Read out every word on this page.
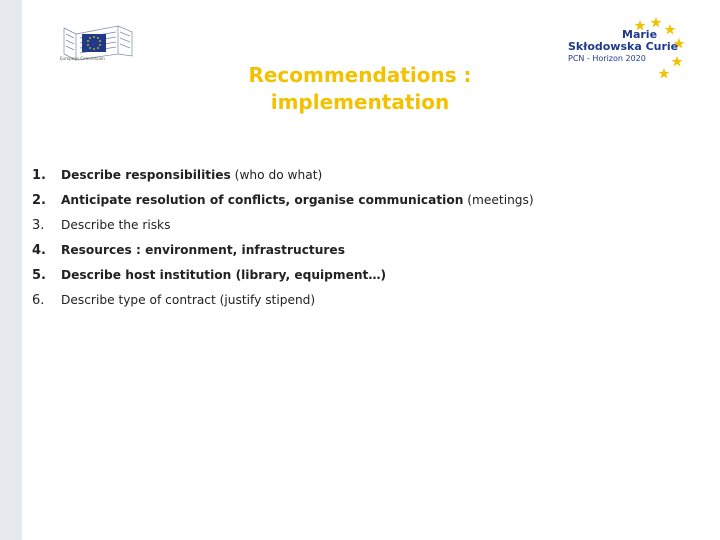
European Commission
Marie
Skłodowska Curie
PCN - Horizon 2020
Recommendations :
implementation
1.	Describe responsibilities (who do what)
2.	Anticipate resolution of conflicts, organise communication (meetings)
3.	Describe the risks
4.	Resources : environment, infrastructures
5.	Describe host institution (library, equipment…)
6.	Describe type of contract (justify stipend)
